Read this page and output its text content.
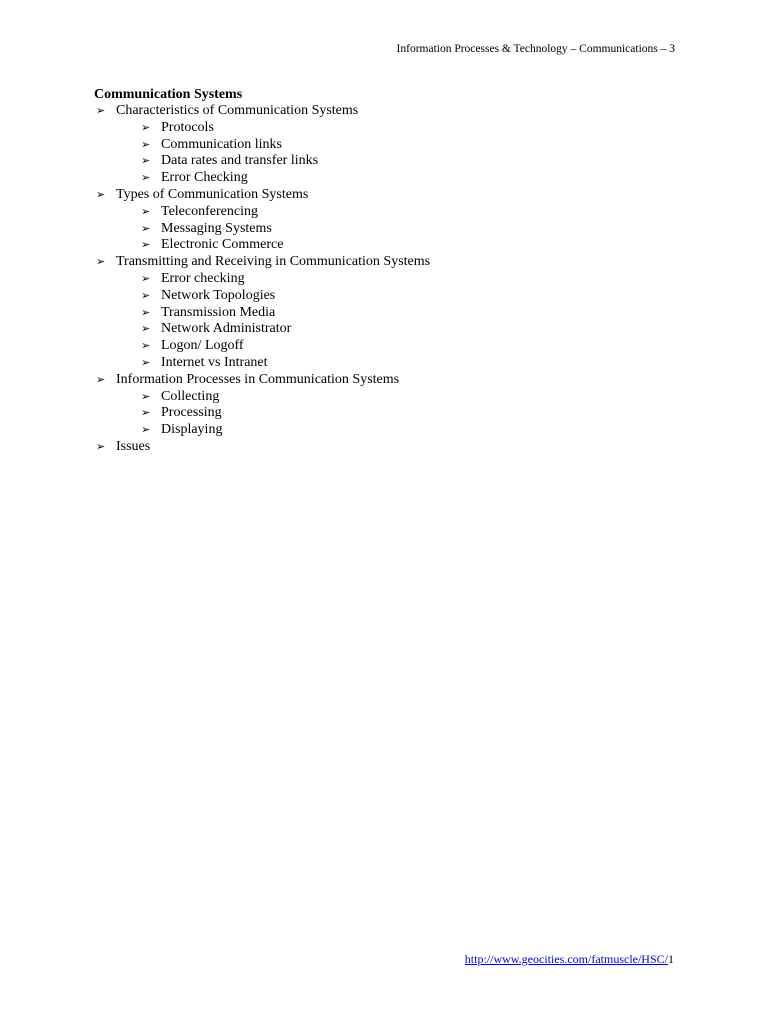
Information Processes & Technology – Communications – 3
Communication Systems
➢ Characteristics of Communication Systems
➢ Protocols
➢ Communication links
➢ Data rates and transfer links
➢ Error Checking
➢ Types of Communication Systems
➢ Teleconferencing
➢ Messaging Systems
➢ Electronic Commerce
➢ Transmitting and Receiving in Communication Systems
➢ Error checking
➢ Network Topologies
➢ Transmission Media
➢ Network Administrator
➢ Logon/ Logoff
➢ Internet vs Intranet
➢ Information Processes in Communication Systems
➢ Collecting
➢ Processing
➢ Displaying
➢ Issues
http://www.geocities.com/fatmuscle/HSC/1
